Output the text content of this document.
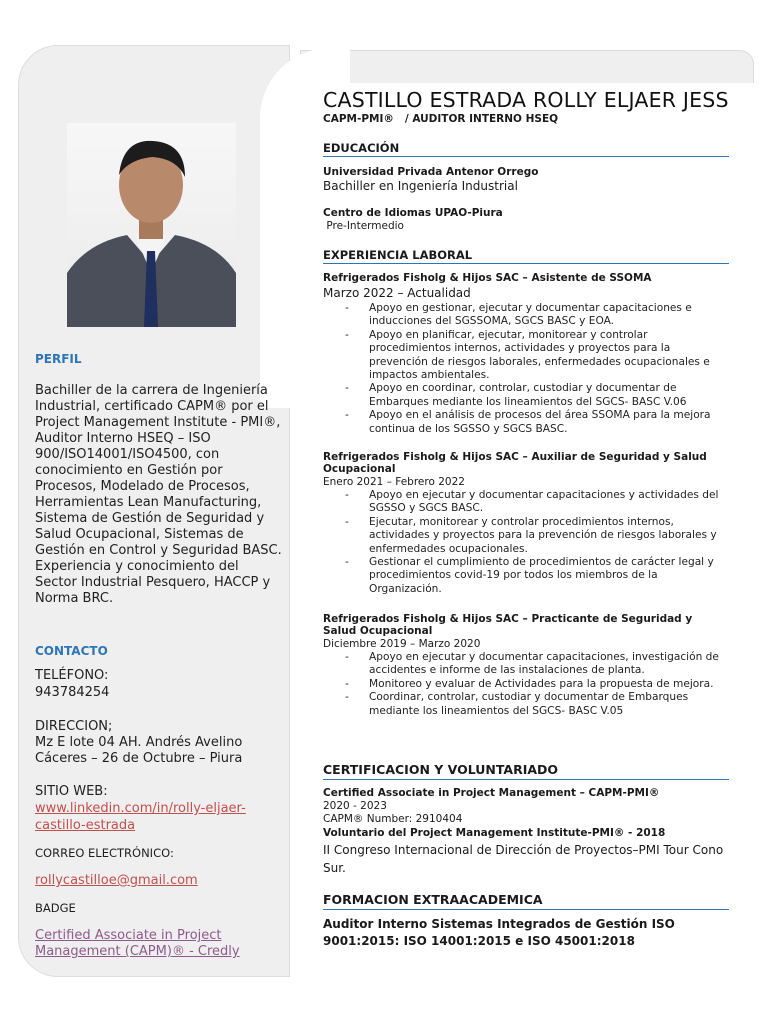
PERFIL
Bachiller de la carrera de Ingeniería Industrial, certificado CAPM® por el Project Management Institute - PMI®, Auditor Interno HSEQ – ISO 900/ISO14001/ISO4500, con conocimiento en Gestión por Procesos, Modelado de Procesos, Herramientas Lean Manufacturing, Sistema de Gestión de Seguridad y Salud Ocupacional, Sistemas de Gestión en Control y Seguridad BASC. Experiencia y conocimiento del Sector Industrial Pesquero, HACCP y Norma BRC.
CONTACTO
TELÉFONO:
943784254
DIRECCION;
Mz E lote 04 AH. Andrés Avelino Cáceres – 26 de Octubre – Piura
SITIO WEB:
www.linkedin.com/in/rolly-eljaer-castillo-estrada
CORREO ELECTRÓNICO:
rollycastilloe@gmail.com
BADGE
Certified Associate in Project Management (CAPM)® - Credly
CASTILLO ESTRADA ROLLY ELJAER JESS
CAPM-PMI®   / AUDITOR INTERNO HSEQ
EDUCACIÓN
Universidad Privada Antenor Orrego
Bachiller en Ingeniería Industrial
Centro de Idiomas UPAO-Piura
Pre-Intermedio
EXPERIENCIA LABORAL
Refrigerados Fisholg & Hijos SAC – Asistente de SSOMA
Marzo 2022 – Actualidad
- Apoyo en gestionar, ejecutar y documentar capacitaciones e inducciones del SGSSOMA, SGCS BASC y EOA.
- Apoyo en planificar, ejecutar, monitorear y controlar procedimientos internos, actividades y proyectos para la prevención de riesgos laborales, enfermedades ocupacionales e impactos ambientales.
- Apoyo en coordinar, controlar, custodiar y documentar de Embarques mediante los lineamientos del SGCS- BASC V.06
- Apoyo en el análisis de procesos del área SSOMA para la mejora continua de los SGSSO y SGCS BASC.
Refrigerados Fisholg & Hijos SAC – Auxiliar de Seguridad y Salud Ocupacional
Enero 2021 – Febrero 2022
- Apoyo en ejecutar y documentar capacitaciones y actividades del SGSSO y SGCS BASC.
- Ejecutar, monitorear y controlar procedimientos internos, actividades y proyectos para la prevención de riesgos laborales y enfermedades ocupacionales.
- Gestionar el cumplimiento de procedimientos de carácter legal y procedimientos covid-19 por todos los miembros de la Organización.
Refrigerados Fisholg & Hijos SAC – Practicante de Seguridad y Salud Ocupacional
Diciembre 2019 – Marzo 2020
- Apoyo en ejecutar y documentar capacitaciones, investigación de accidentes e informe de las instalaciones de planta.
- Monitoreo y evaluar de Actividades para la propuesta de mejora.
- Coordinar, controlar, custodiar y documentar de Embarques mediante los lineamientos del SGCS- BASC V.05
CERTIFICACION Y VOLUNTARIADO
Certified Associate in Project Management – CAPM-PMI®
2020 - 2023
CAPM® Number: 2910404
Voluntario del Project Management Institute-PMI® - 2018
II Congreso Internacional de Dirección de Proyectos–PMI Tour Cono Sur.
FORMACION EXTRAACADEMICA
Auditor Interno Sistemas Integrados de Gestión ISO 9001:2015: ISO 14001:2015 e ISO 45001:2018
